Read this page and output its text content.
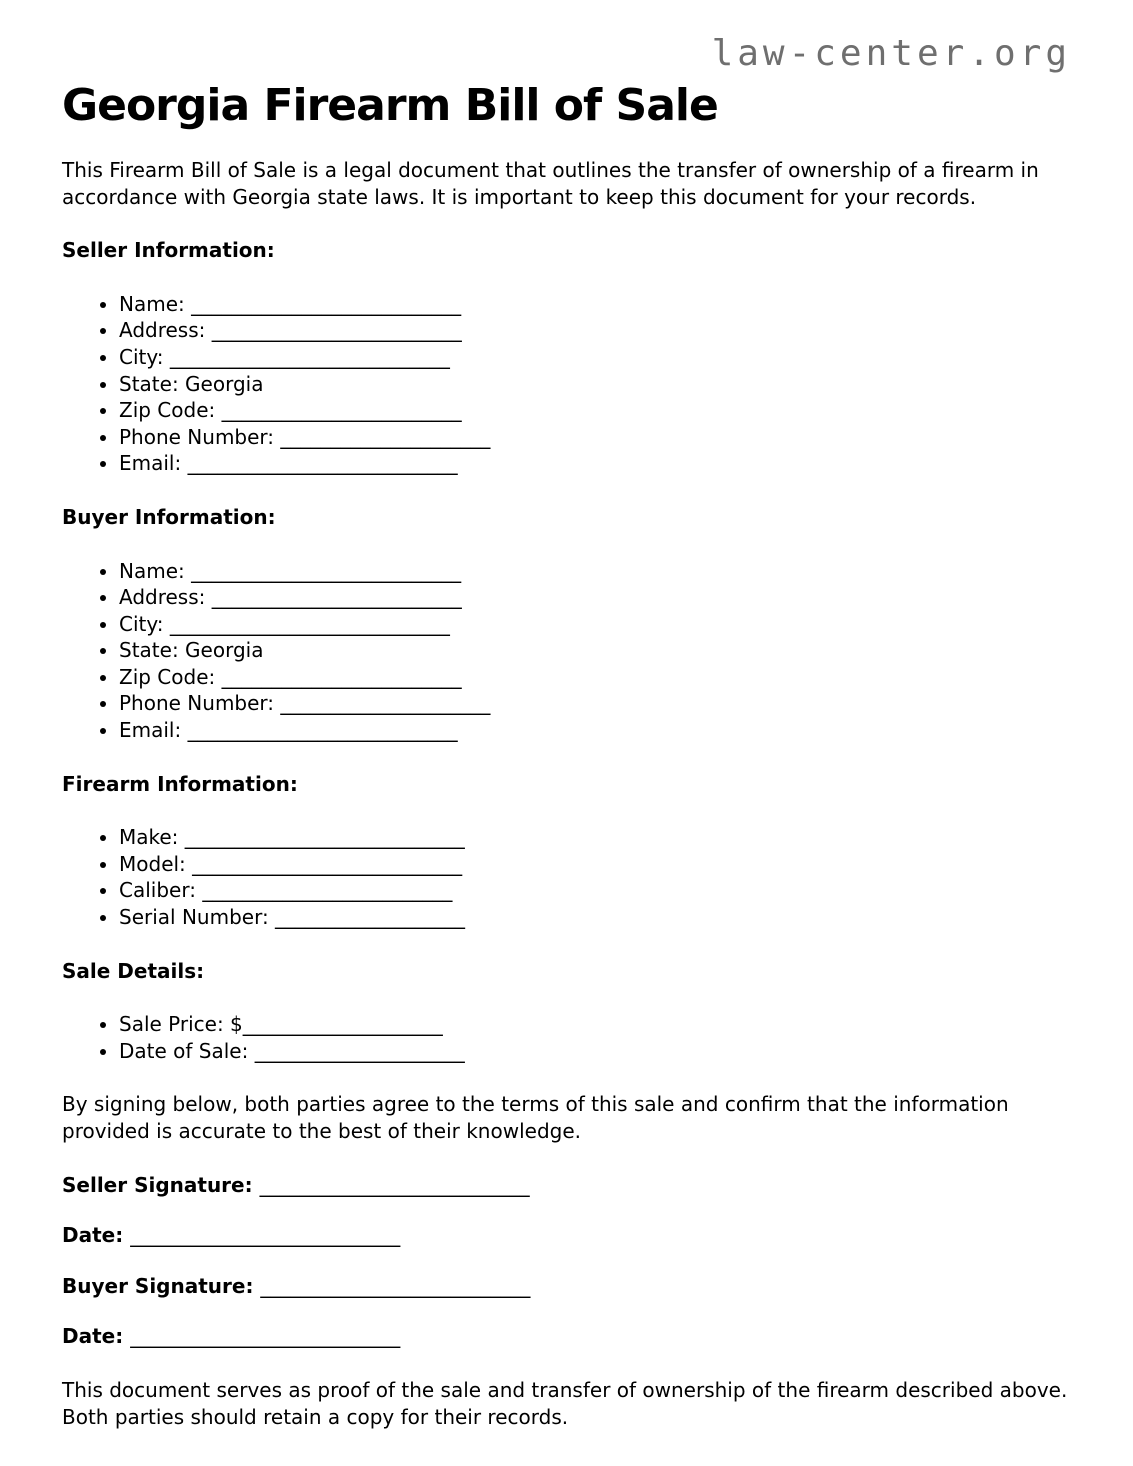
law-center.org
Georgia Firearm Bill of Sale

This Firearm Bill of Sale is a legal document that outlines the transfer of ownership of a firearm in accordance with Georgia state laws. It is important to keep this document for your records.

Seller Information:
• Name: ___________________________
• Address: _________________________
• City: ____________________________
• State: Georgia
• Zip Code: ________________________
• Phone Number: _____________________
• Email: ___________________________
Buyer Information:
• Name: ___________________________
• Address: _________________________
• City: ____________________________
• State: Georgia
• Zip Code: ________________________
• Phone Number: _____________________
• Email: ___________________________
Firearm Information:
• Make: ____________________________
• Model: ___________________________
• Caliber: _________________________
• Serial Number: ___________________
Sale Details:
• Sale Price: $____________________
• Date of Sale: _____________________

By signing below, both parties agree to the terms of this sale and confirm that the information provided is accurate to the best of their knowledge.

Seller Signature: ___________________________

Date: ___________________________

Buyer Signature: ___________________________

Date: ___________________________

This document serves as proof of the sale and transfer of ownership of the firearm described above. Both parties should retain a copy for their records.
